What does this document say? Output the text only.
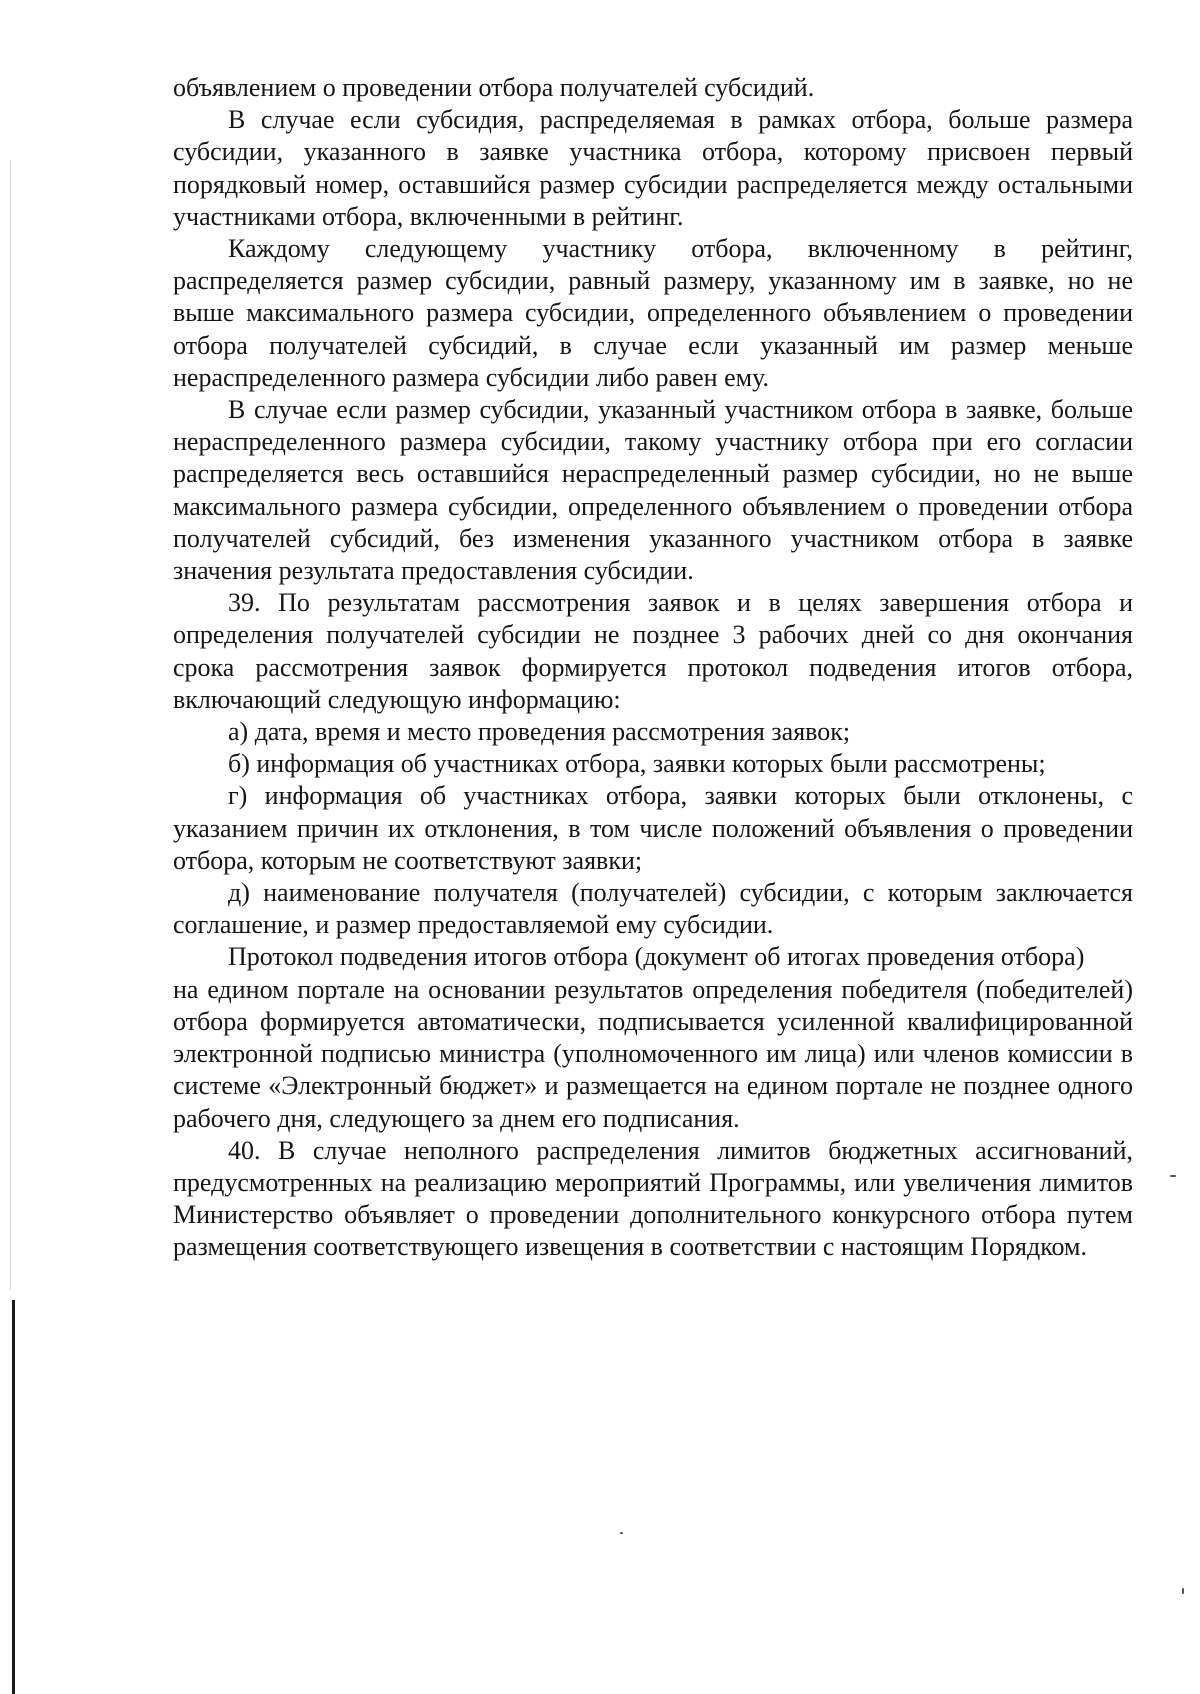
объявлением о проведении отбора получателей субсидий.

В случае если субсидия, распределяемая в рамках отбора, больше размера субсидии, указанного в заявке участника отбора, которому присвоен первый порядковый номер, оставшийся размер субсидии распределяется между остальными участниками отбора, включенными в рейтинг.

Каждому следующему участнику отбора, включенному в рейтинг, распределяется размер субсидии, равный размеру, указанному им в заявке, но не выше максимального размера субсидии, определенного объявлением о проведении отбора получателей субсидий, в случае если указанный им размер меньше нераспределенного размера субсидии либо равен ему.

В случае если размер субсидии, указанный участником отбора в заявке, больше нераспределенного размера субсидии, такому участнику отбора при его согласии распределяется весь оставшийся нераспределенный размер субсидии, но не выше максимального размера субсидии, определенного объявлением о проведении отбора получателей субсидий, без изменения указанного участником отбора в заявке значения результата предоставления субсидии.

39. По результатам рассмотрения заявок и в целях завершения отбора и определения получателей субсидии не позднее 3 рабочих дней со дня окончания срока рассмотрения заявок формируется протокол подведения итогов отбора, включающий следующую информацию:

а) дата, время и место проведения рассмотрения заявок;

б) информация об участниках отбора, заявки которых были рассмотрены;

г) информация об участниках отбора, заявки которых были отклонены, с указанием причин их отклонения, в том числе положений объявления о проведении отбора, которым не соответствуют заявки;

д) наименование получателя (получателей) субсидии, с которым заключается соглашение, и размер предоставляемой ему субсидии.

Протокол подведения итогов отбора (документ об итогах проведения отбора)

на едином портале на основании результатов определения победителя (победителей) отбора формируется автоматически, подписывается усиленной квалифицированной электронной подписью министра (уполномоченного им лица) или членов комиссии в системе «Электронный бюджет» и размещается на едином портале не позднее одного рабочего дня, следующего за днем его подписания.

40. В случае неполного распределения лимитов бюджетных ассигнований, предусмотренных на реализацию мероприятий Программы, или увеличения лимитов Министерство объявляет о проведении дополнительного конкурсного отбора путем размещения соответствующего извещения в соответствии с настоящим Порядком.
